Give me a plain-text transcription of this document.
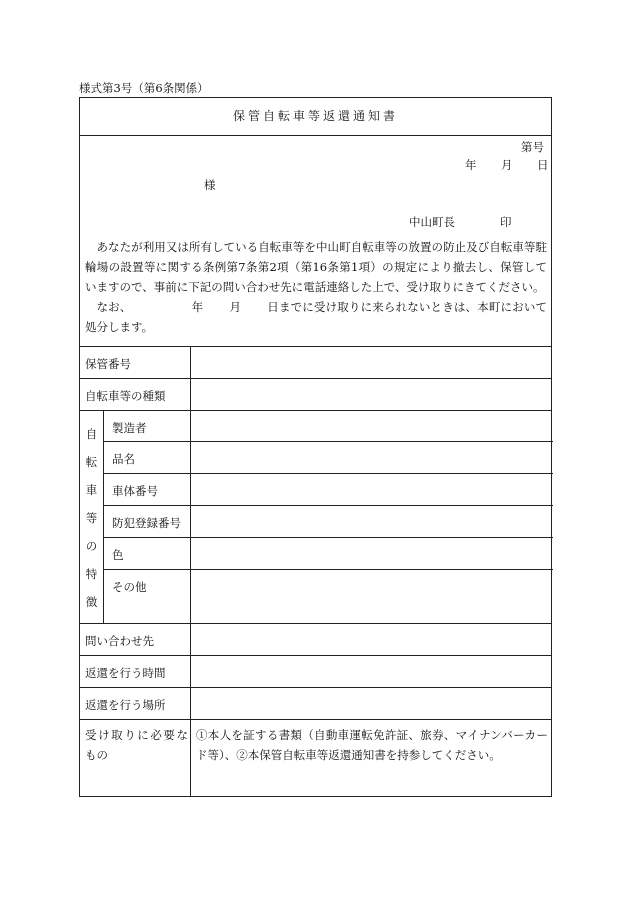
様式第3号（第6条関係）
保管自転車等返還通知書
第号
年 月 日
様
中山町長	印

あなたが利用又は所有している自転車等を中山町自転車等の放置の防止及び自転車等駐輪場の設置等に関する条例第7条第2項（第16条第1項）の規定により撤去し、保管していますので、事前に下記の問い合わせ先に電話連絡した上で、受け取りにきてください。

なお、	年 月 日までに受け取りに来られないときは、本町において処分します。

保管番号
自転車等の種類
自
転
車
等
の
特
徴
製造者
品名
車体番号
防犯登録番号
色
その他
問い合わせ先
返還を行う時間
返還を行う場所
受け取りに必要なもの
①本人を証する書類（自動車運転免許証、旅券、マイナンバーカード等）、②本保管自転車等返還通知書を持参してください。
